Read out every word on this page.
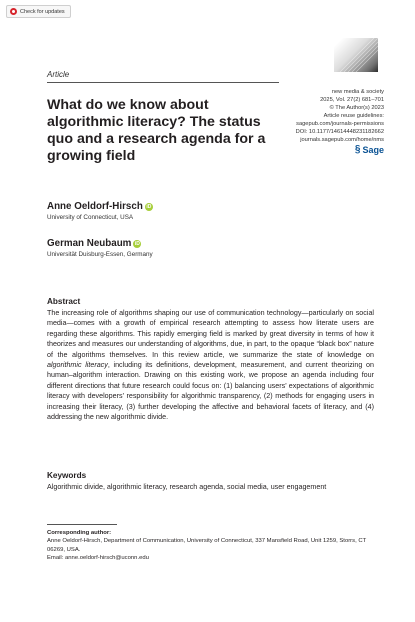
Check for updates
Article
What do we know about algorithmic literacy? The status quo and a research agenda for a growing field
new media & society
2025, Vol. 27(2) 681–701
© The Author(s) 2023
Article reuse guidelines:
sagepub.com/journals-permissions
DOI: 10.1177/14614448231182662
journals.sagepub.com/home/nms
§ Sage
Anne Oeldorf-Hirsch iD
University of Connecticut, USA
German Neubaum iD
Universität Duisburg-Essen, Germany
Abstract
The increasing role of algorithms shaping our use of communication technology—particularly on social media—comes with a growth of empirical research attempting to assess how literate users are regarding these algorithms. This rapidly emerging field is marked by great diversity in terms of how it theorizes and measures our understanding of algorithms, due, in part, to the opaque “black box” nature of the algorithms themselves. In this review article, we summarize the state of knowledge on algorithmic literacy, including its definitions, development, measurement, and current theorizing on human–algorithm interaction. Drawing on this existing work, we propose an agenda including four different directions that future research could focus on: (1) balancing users’ expectations of algorithmic literacy with developers’ responsibility for algorithmic transparency, (2) methods for engaging users in increasing their literacy, (3) further developing the affective and behavioral facets of literacy, and (4) addressing the new algorithmic divide.
Keywords
Algorithmic divide, algorithmic literacy, research agenda, social media, user engagement
Corresponding author:
Anne Oeldorf-Hirsch, Department of Communication, University of Connecticut, 337 Mansfield Road, Unit 1259, Storrs, CT 06269, USA.
Email: anne.oeldorf-hirsch@uconn.edu
